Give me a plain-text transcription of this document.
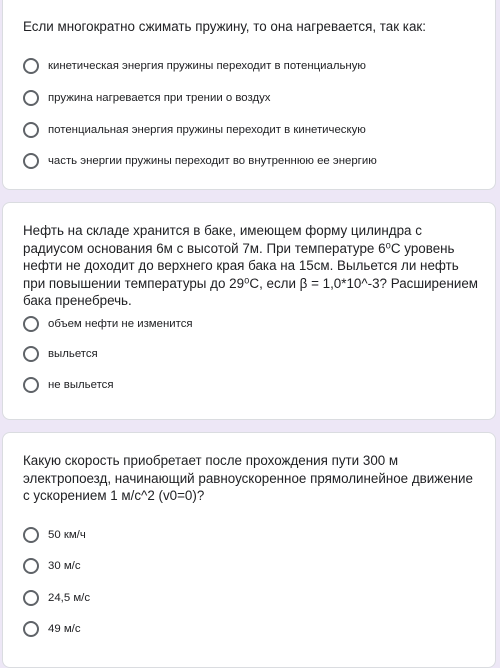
Если многократно сжимать пружину, то она нагревается, так как:
кинетическая энергия пружины переходит в потенциальную
пружина нагревается при трении о воздух
потенциальная энергия пружины переходит в кинетическую
часть энергии пружины переходит во внутреннюю ее энергию
Нефть на складе хранится в баке, имеющем форму цилиндра с радиусом основания 6м с высотой 7м. При температуре 6⁰С уровень нефти не доходит до верхнего края бака на 15см. Выльется ли нефть при повышении температуры до 29⁰С, если β = 1,0*10^-3? Расширением бака пренебречь.
объем нефти не изменится
выльется
не выльется
Какую скорость приобретает после прохождения пути 300 м электропоезд, начинающий равноускоренное прямолинейное движение с ускорением 1 м/с^2 (v0=0)?
50 км/ч
30 м/с
24,5 м/с
49 м/с
